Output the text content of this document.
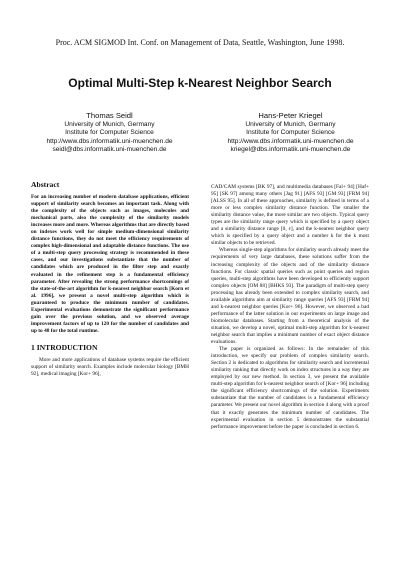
Proc. ACM SIGMOD Int. Conf. on Management of Data, Seattle, Washington, June 1998.
Optimal Multi-Step k-Nearest Neighbor Search
Thomas Seidl
University of Munich, Germany
Institute for Computer Science
http://www.dbs.informatik.uni-muenchen.de
seidl@dbs.informatik.uni-muenchen.de
Hans-Peter Kriegel
University of Munich, Germany
Institute for Computer Science
http://www.dbs.informatik.uni-muenchen.de
kriegel@dbs.informatik.uni-muenchen.de
Abstract

For an increasing number of modern database applications, efficient support of similarity search becomes an important task. Along with the complexity of the objects such as images, molecules and mechanical parts, also the complexity of the similarity models increases more and more. Whereas algorithms that are directly based on indexes work well for simple medium-dimensional similarity distance functions, they do not meet the efficiency requirements of complex high-dimensional and adaptable distance functions. The use of a multi-step query processing strategy is recommended in these cases, and our investigations substantiate that the number of candidates which are produced in the filter step and exactly evaluated in the refinement step is a fundamental efficiency parameter. After revealing the strong performance shortcomings of the state-of-the-art algorithm for k-nearest neighbor search [Korn et al. 1996], we present a novel multi-step algorithm which is guaranteed to produce the minimum number of candidates. Experimental evaluations demonstrate the significant performance gain over the previous solution, and we observed average improvement factors of up to 120 for the number of candidates and up to 48 for the total runtime.

1 INTRODUCTION

More and more applications of database systems require the efficient support of similarity search. Examples include molecular biology [BMH 92], medical imaging [Kor+ 96],

CAD/CAM systems [BK 97], and multimedia databases [Fal+ 94] [Haf+ 95] [SK 97] among many others [Jag 91] [AFS 93] [GM 93] [FRM 94] [ALSS 95]. In all of these approaches, similarity is defined in terms of a more or less complex similarity distance function. The smaller the similarity distance value, the more similar are two objects. Typical query types are the similarity range query which is specified by a query object and a similarity distance range [0, ε], and the k-nearest neighbor query which is specified by a query object and a number k for the k most similar objects to be retrieved.

Whereas single-step algorithms for similarity search already meet the requirements of very large databases, these solutions suffer from the increasing complexity of the objects and of the similarity distance functions. For classic spatial queries such as point queries and region queries, multi-step algorithms have been developed to efficiently support complex objects [OM 88] [BHKS 93]. The paradigm of multi-step query processing has already been extended to complex similarity search, and available algorithms aim at similarity range queries [AFS 93] [FRM 94] and k-nearest neighbor queries [Kor+ 96]. However, we observed a bad performance of the latter solution in our experiments on large image and biomolecular databases. Starting from a theoretical analysis of the situation, we develop a novel, optimal multi-step algorithm for k-nearest neighbor search that implies a minimum number of exact object distance evaluations.

The paper is organized as follows: In the remainder of this introduction, we specify our problem of complex similarity search. Section 2 is dedicated to algorithms for similarity search and incremental similarity ranking that directly work on index structures in a way they are employed by our new method. In section 3, we present the available multi-step algorithm for k-nearest neighbor search of [Kor+ 96] including the significant efficiency shortcomings of the solution. Experiments substantiate that the number of candidates is a fundamental efficiency parameter. We present our novel algorithm in section 4 along with a proof that it exactly generates the minimum number of candidates. The experimental evaluation in section 5 demonstrates the substantial performance improvement before the paper is concluded in section 6.
